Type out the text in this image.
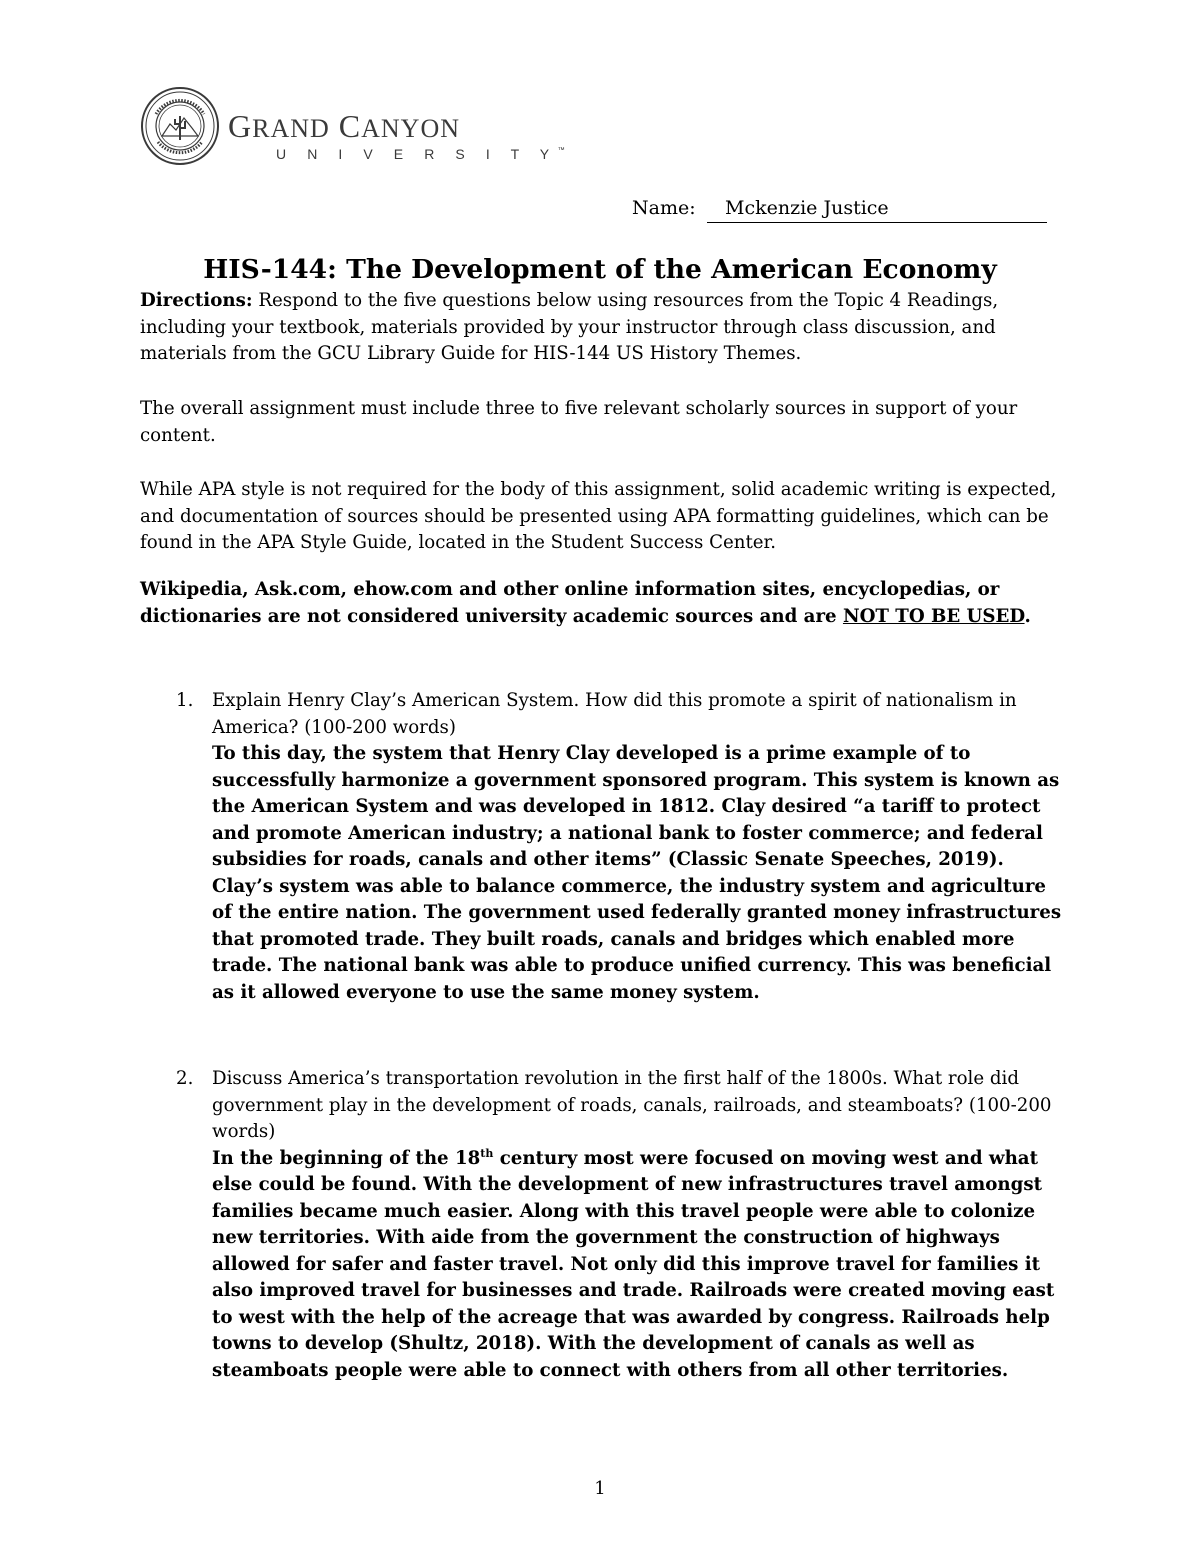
GRAND CANYON
U N I V E R S I T Y™
Name:	Mckenzie Justice
HIS-144: The Development of the American Economy
Directions: Respond to the five questions below using resources from the Topic 4 Readings, including your textbook, materials provided by your instructor through class discussion, and materials from the GCU Library Guide for HIS-144 US History Themes.
The overall assignment must include three to five relevant scholarly sources in support of your content.
While APA style is not required for the body of this assignment, solid academic writing is expected, and documentation of sources should be presented using APA formatting guidelines, which can be found in the APA Style Guide, located in the Student Success Center.
Wikipedia, Ask.com, ehow.com and other online information sites, encyclopedias, or dictionaries are not considered university academic sources and are NOT TO BE USED.
1. Explain Henry Clay’s American System. How did this promote a spirit of nationalism in America? (100-200 words)
To this day, the system that Henry Clay developed is a prime example of to successfully harmonize a government sponsored program. This system is known as the American System and was developed in 1812. Clay desired “a tariff to protect and promote American industry; a national bank to foster commerce; and federal subsidies for roads, canals and other items” (Classic Senate Speeches, 2019). Clay’s system was able to balance commerce, the industry system and agriculture of the entire nation. The government used federally granted money infrastructures that promoted trade. They built roads, canals and bridges which enabled more trade. The national bank was able to produce unified currency. This was beneficial as it allowed everyone to use the same money system.
2. Discuss America’s transportation revolution in the first half of the 1800s. What role did government play in the development of roads, canals, railroads, and steamboats? (100-200 words)
In the beginning of the 18th century most were focused on moving west and what else could be found. With the development of new infrastructures travel amongst families became much easier. Along with this travel people were able to colonize new territories. With aide from the government the construction of highways allowed for safer and faster travel. Not only did this improve travel for families it also improved travel for businesses and trade. Railroads were created moving east to west with the help of the acreage that was awarded by congress. Railroads help towns to develop (Shultz, 2018). With the development of canals as well as steamboats people were able to connect with others from all other territories.
1
